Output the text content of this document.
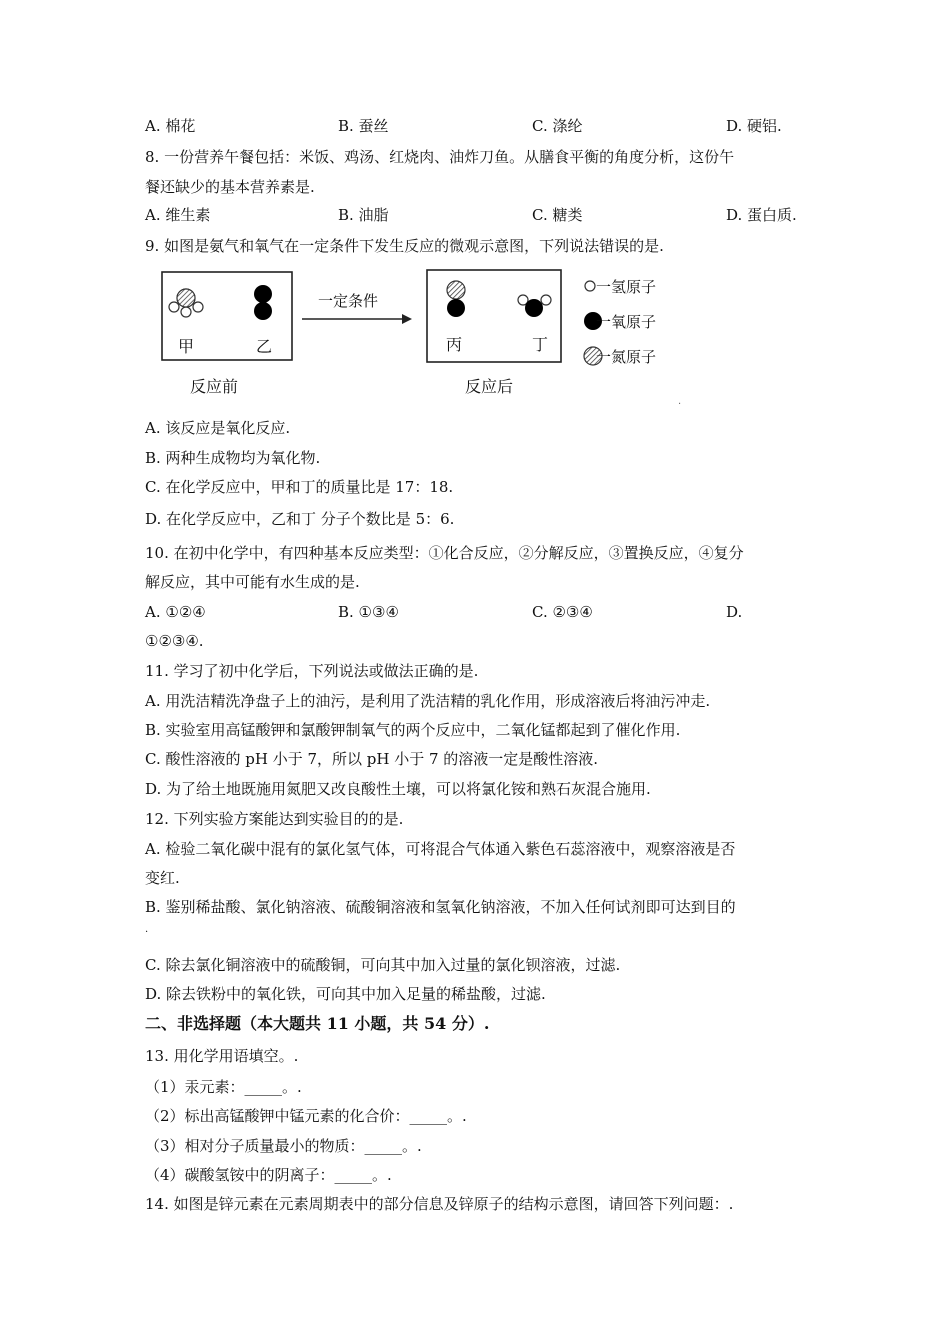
A. 棉花	B. 蚕丝	C. 涤纶	D. 硬铝.
8. 一份营养午餐包括：米饭、鸡汤、红烧肉、油炸刀鱼。从膳食平衡的角度分析，这份午
餐还缺少的基本营养素是.
A. 维生素	B. 油脂	C. 糖类	D. 蛋白质.
9. 如图是氨气和氧气在一定条件下发生反应的微观示意图，下列说法错误的是.
甲	乙
一定条件
丙	丁
反应前	反应后
一氢原子
一氧原子
一氮原子
.
A. 该反应是氧化反应.
B. 两种生成物均为氧化物.
C. 在化学反应中，甲和丁的质量比是 17：18.
D. 在化学反应中，乙和丁 分子个数比是 5：6.
10. 在初中化学中，有四种基本反应类型：①化合反应，②分解反应，③置换反应，④复分
解反应，其中可能有水生成的是.
A. ①②④	B. ①③④	C. ②③④	D.
①②③④.
11. 学习了初中化学后，下列说法或做法正确的是.
A. 用洗洁精洗净盘子上的油污，是利用了洗洁精的乳化作用，形成溶液后将油污冲走.
B. 实验室用高锰酸钾和氯酸钾制氧气的两个反应中，二氧化锰都起到了催化作用.
C. 酸性溶液的 pH 小于 7，所以 pH 小于 7 的溶液一定是酸性溶液.
D. 为了给土地既施用氮肥又改良酸性土壤，可以将氯化铵和熟石灰混合施用.
12. 下列实验方案能达到实验目的的是.
A. 检验二氧化碳中混有的氯化氢气体，可将混合气体通入紫色石蕊溶液中，观察溶液是否
变红.
B. 鉴别稀盐酸、氯化钠溶液、硫酸铜溶液和氢氧化钠溶液，不加入任何试剂即可达到目的
.
C. 除去氯化铜溶液中的硫酸铜，可向其中加入过量的氯化钡溶液，过滤.
D. 除去铁粉中的氧化铁，可向其中加入足量的稀盐酸，过滤.
二、非选择题（本大题共 11 小题，共 54 分）.
13. 用化学用语填空。.
（1）汞元素：_____。.
（2）标出高锰酸钾中锰元素的化合价：_____。.
（3）相对分子质量最小的物质：_____。.
（4）碳酸氢铵中的阴离子：_____。.
14. 如图是锌元素在元素周期表中的部分信息及锌原子的结构示意图，请回答下列问题：.
